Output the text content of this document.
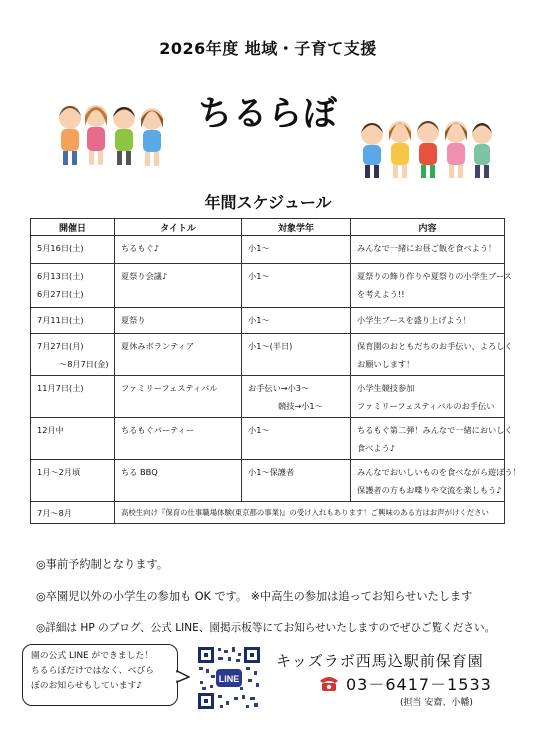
2026年度 地域・子育て支援
ちるらぼ
年間スケジュール
開催日	タイトル	対象学年	内容

5月16日(土)	ちるもぐ♪	小1～	みんなで一緒にお昼ご飯を食べよう！

6月13日(土)
6月27日(土)	夏祭り会議♪	小1～	夏祭りの飾り作りや夏祭りの小学生ブース
を考えよう!!

7月11日(土)	夏祭り	小1～	小学生ブースを盛り上げよう！

7月27日(月)
～8月7日(金)	夏休みボランティア	小1～(半日)	保育園のおともだちのお手伝い、よろしく
お願いします！

11月7日(土)	ファミリーフェスティバル	お手伝い→小3～
競技→小1～	小学生競技参加
ファミリーフェスティバルのお手伝い

12月中	ちるもぐパーティー	小1～	ちるもぐ第二弾！みんなで一緒においしく
食べよう♪

1月～2月頃	ちる BBQ	小1～保護者	みんなでおいしいものを食べながら遊ぼう！
保護者の方もお喋りや交流を楽しもう♪

7月～8月	高校生向け『保育の仕事職場体験(東京都の事業)』の受け入れもあります！ご興味のある方はお声がけください		
◎事前予約制となります。
◎卒園児以外の小学生の参加も OK です。 ※中高生の参加は追ってお知らせいたします
◎詳細は HP のブログ、公式 LINE、園掲示板等にてお知らせいたしますのでぜひご覧ください。
園の公式 LINE ができました！
ちるらぼだけではなく、べびら
ぼのお知らせもしています♪
LINE
キッズラボ西馬込駅前保育園
03－6417－1533
(担当 安齋、小幡)
